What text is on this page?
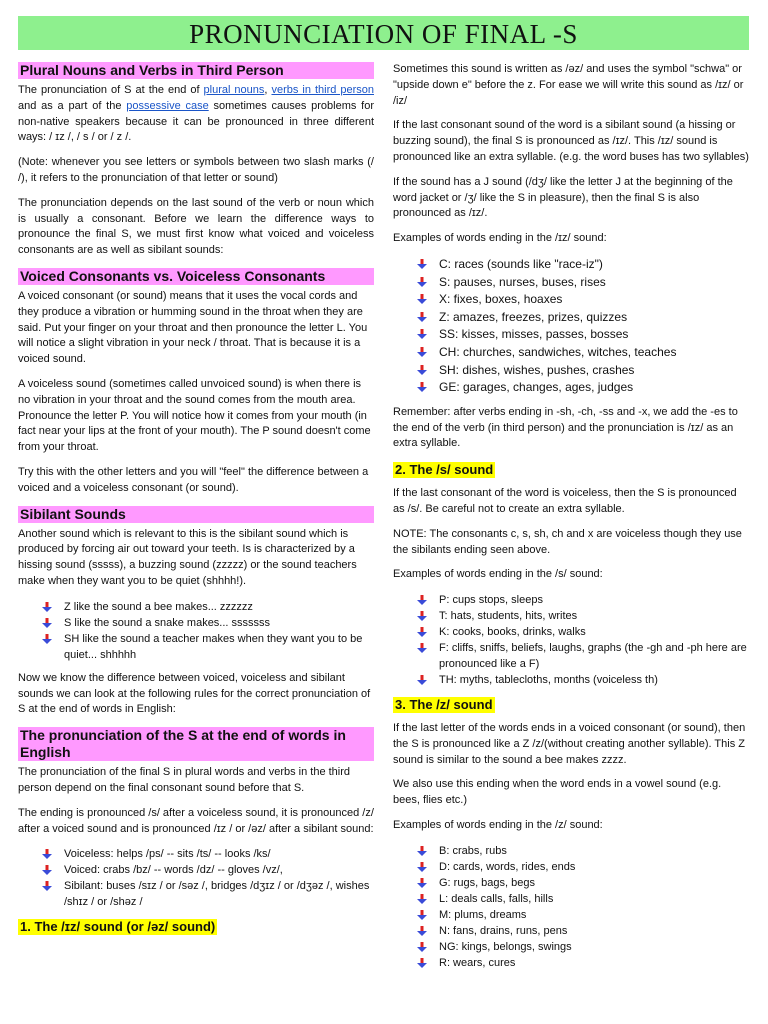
PRONUNCIATION OF FINAL -S
Plural Nouns and Verbs in Third Person

The pronunciation of S at the end of plural nouns, verbs in third person and as a part of the possessive case sometimes causes problems for non-native speakers because it can be pronounced in three different ways: / ɪz /, / s / or / z /.

(Note: whenever you see letters or symbols between two slash marks (/ /), it refers to the pronunciation of that letter or sound)

The pronunciation depends on the last sound of the verb or noun which is usually a consonant. Before we learn the difference ways to pronounce the final S, we must first know what voiced and voiceless consonants are as well as sibilant sounds:

Voiced Consonants vs. Voiceless Consonants

A voiced consonant (or sound) means that it uses the vocal cords and they produce a vibration or humming sound in the throat when they are said. Put your finger on your throat and then pronounce the letter L. You will notice a slight vibration in your neck / throat. That is because it is a voiced sound.

A voiceless sound (sometimes called unvoiced sound) is when there is no vibration in your throat and the sound comes from the mouth area. Pronounce the letter P. You will notice how it comes from your mouth (in fact near your lips at the front of your mouth). The P sound doesn't come from your throat.

Try this with the other letters and you will "feel" the difference between a voiced and a voiceless consonant (or sound).

Sibilant Sounds

Another sound which is relevant to this is the sibilant sound which is produced by forcing air out toward your teeth. Is is characterized by a hissing sound (sssss), a buzzing sound (zzzzz) or the sound teachers make when they want you to be quiet (shhhh!).

Z like the sound a bee makes... zzzzzz
S like the sound a snake makes... sssssss
SH like the sound a teacher makes when they want you to be quiet... shhhhh

Now we know the difference between voiced, voiceless and sibilant sounds we can look at the following rules for the correct pronunciation of S at the end of words in English:

The pronunciation of the S at the end of words in English

The pronunciation of the final S in plural words and verbs in the third person depend on the final consonant sound before that S.

The ending is pronounced /s/ after a voiceless sound, it is pronounced /z/ after a voiced sound and is pronounced /ɪz / or /əz/ after a sibilant sound:

Voiceless: helps /ps/ -- sits /ts/ -- looks /ks/
Voiced: crabs /bz/ -- words /dz/ -- gloves /vz/,
Sibilant: buses /sɪz / or /səz /, bridges /dʒɪz / or /dʒəz /, wishes /shɪz / or /shəz /
1. The /ɪz/ sound (or /əz/ sound)

Sometimes this sound is written as /əz/ and uses the symbol "schwa" or "upside down e" before the z. For ease we will write this sound as /ɪz/ or /iz/

If the last consonant sound of the word is a sibilant sound (a hissing or buzzing sound), the final S is pronounced as /ɪz/. This /ɪz/ sound is pronounced like an extra syllable. (e.g. the word buses has two syllables)

If the sound has a J sound (/dʒ/ like the letter J at the beginning of the word jacket or /ʒ/ like the S in pleasure), then the final S is also pronounced as /ɪz/.

Examples of words ending in the /ɪz/ sound:

C: races (sounds like "race-iz")
S: pauses, nurses, buses, rises
X: fixes, boxes, hoaxes
Z: amazes, freezes, prizes, quizzes
SS: kisses, misses, passes, bosses
CH: churches, sandwiches, witches, teaches
SH: dishes, wishes, pushes, crashes
GE: garages, changes, ages, judges

Remember: after verbs ending in -sh, -ch, -ss and -x, we add the -es to the end of the verb (in third person) and the pronunciation is /ɪz/ as an extra syllable.

2. The /s/ sound

If the last consonant of the word is voiceless, then the S is pronounced as /s/. Be careful not to create an extra syllable.

NOTE: The consonants c, s, sh, ch and x are voiceless though they use the sibilants ending seen above.

Examples of words ending in the /s/ sound:

P: cups stops, sleeps
T: hats, students, hits, writes
K: cooks, books, drinks, walks
F: cliffs, sniffs, beliefs, laughs, graphs (the -gh and -ph here are pronounced like a F)
TH: myths, tablecloths, months (voiceless th)
3. The /z/ sound

If the last letter of the words ends in a voiced consonant (or sound), then the S is pronounced like a Z /z/(without creating another syllable). This Z sound is similar to the sound a bee makes zzzz.

We also use this ending when the word ends in a vowel sound (e.g. bees, flies etc.)

Examples of words ending in the /z/ sound:

B: crabs, rubs
D: cards, words, rides, ends
G: rugs, bags, begs
L: deals calls, falls, hills
M: plums, dreams
N: fans, drains, runs, pens
NG: kings, belongs, swings
R: wears, cures
